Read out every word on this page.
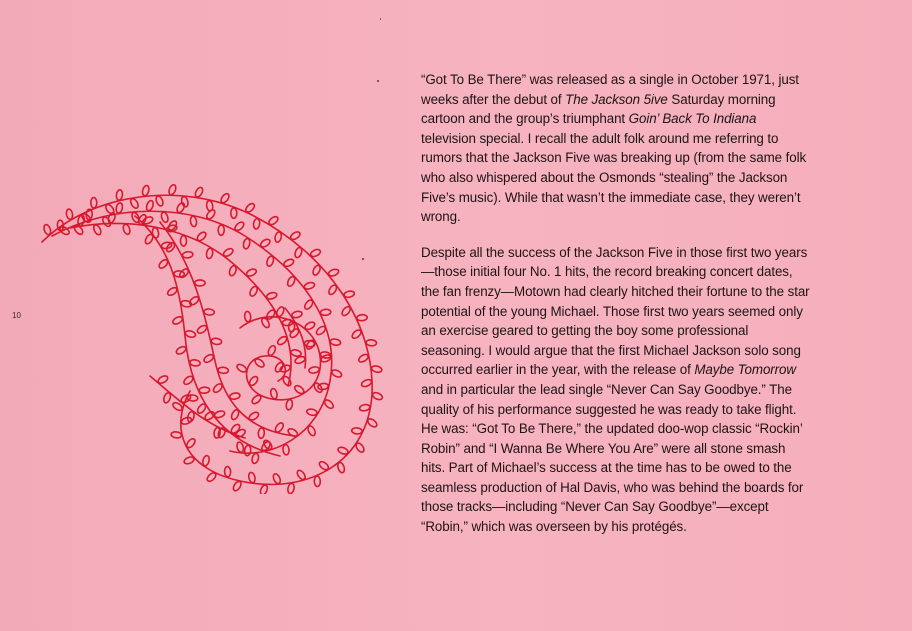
10

“Got To Be There” was released as a single in October 1971, just weeks after the debut of The Jackson 5ive Saturday morning cartoon and the group’s triumphant Goin’ Back To Indiana television special. I recall the adult folk around me referring to rumors that the Jackson Five was breaking up (from the same folk who also whispered about the Osmonds “stealing” the Jackson Five’s music). While that wasn’t the immediate case, they weren’t wrong.

Despite all the success of the Jackson Five in those first two years—those initial four No. 1 hits, the record breaking concert dates, the fan frenzy—Motown had clearly hitched their fortune to the star potential of the young Michael. Those first two years seemed only an exercise geared to getting the boy some professional seasoning. I would argue that the first Michael Jackson solo song occurred earlier in the year, with the release of Maybe Tomorrow and in particular the lead single “Never Can Say Goodbye.” The quality of his performance suggested he was ready to take flight. He was: “Got To Be There,” the updated doo-wop classic “Rockin’ Robin” and “I Wanna Be Where You Are” were all stone smash hits. Part of Michael’s success at the time has to be owed to the seamless production of Hal Davis, who was behind the boards for those tracks—including “Never Can Say Goodbye”—except “Robin,” which was overseen by his protégés.
